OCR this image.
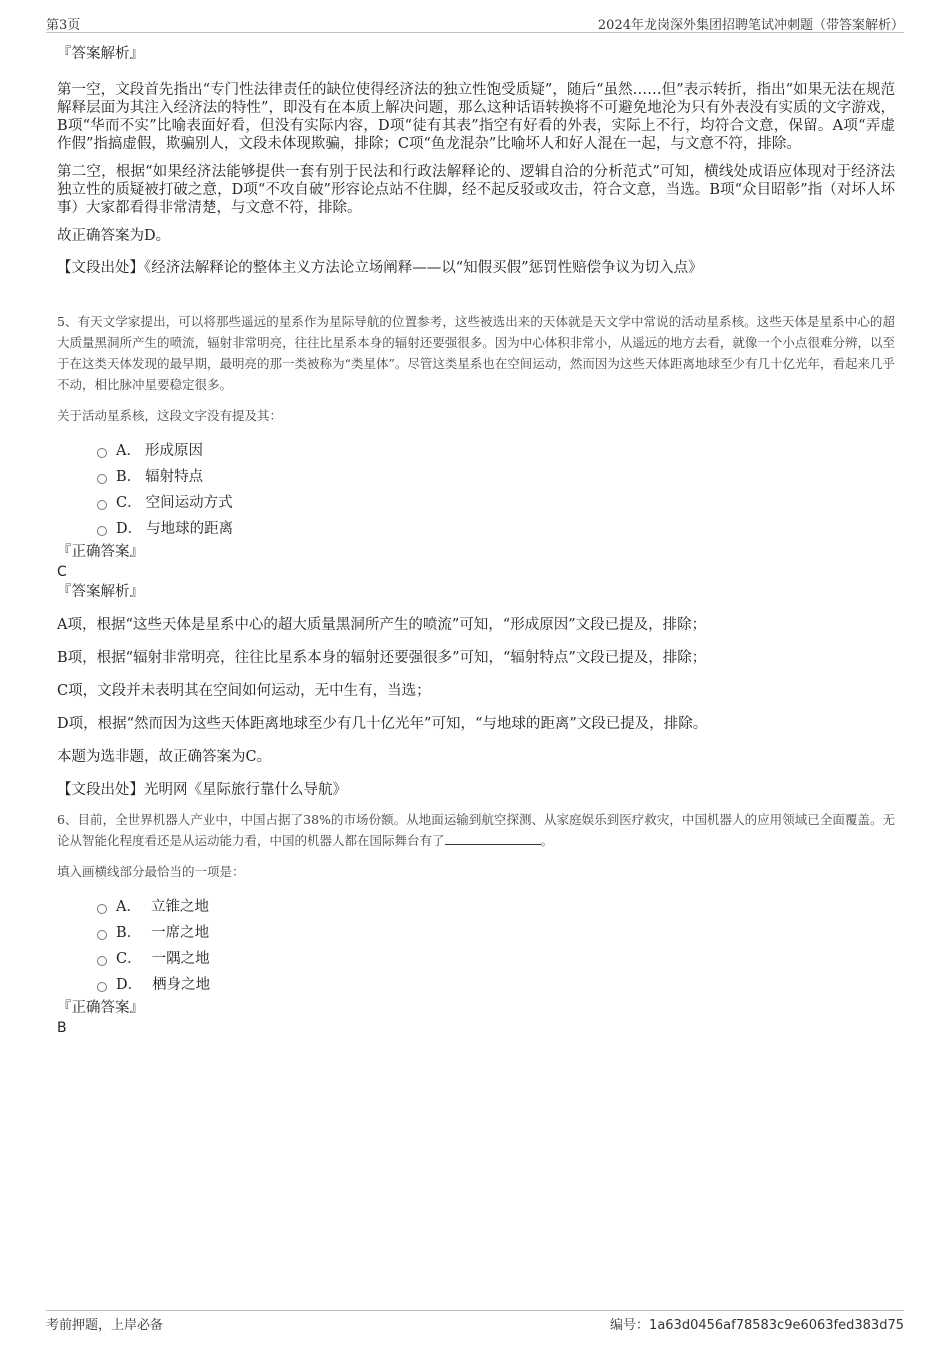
第3页	2024年龙岗深外集团招聘笔试冲刺题（带答案解析）

『答案解析』

第一空，文段首先指出“专门性法律责任的缺位使得经济法的独立性饱受质疑”，随后“虽然……但”表示转折，指出“如果无法在规范解释层面为其注入经济法的特性”，即没有在本质上解决问题，那么这种话语转换将不可避免地沦为只有外表没有实质的文字游戏，B项“华而不实”比喻表面好看，但没有实际内容，D项“徒有其表”指空有好看的外表，实际上不行，均符合文意，保留。A项“弄虚作假”指搞虚假，欺骗别人，文段未体现欺骗，排除；C项“鱼龙混杂”比喻坏人和好人混在一起，与文意不符，排除。

第二空，根据“如果经济法能够提供一套有别于民法和行政法解释论的、逻辑自洽的分析范式”可知，横线处成语应体现对于经济法独立性的质疑被打破之意，D项“不攻自破”形容论点站不住脚，经不起反驳或攻击，符合文意，当选。B项“众目昭彰”指（对坏人坏事）大家都看得非常清楚，与文意不符，排除。

故正确答案为D。

【文段出处】《经济法解释论的整体主义方法论立场阐释——以“知假买假”惩罚性赔偿争议为切入点》

5、有天文学家提出，可以将那些遥远的星系作为星际导航的位置参考，这些被选出来的天体就是天文学中常说的活动星系核。这些天体是星系中心的超大质量黑洞所产生的喷流，辐射非常明亮，往往比星系本身的辐射还要强很多。因为中心体积非常小，从遥远的地方去看，就像一个小点很难分辨，以至于在这类天体发现的最早期，最明亮的那一类被称为“类星体”。尽管这类星系也在空间运动，然而因为这些天体距离地球至少有几十亿光年，看起来几乎不动，相比脉冲星要稳定很多。

关于活动星系核，这段文字没有提及其：

A． 形成原因
B． 辐射特点
C． 空间运动方式
D． 与地球的距离

『正确答案』

C

『答案解析』

A项，根据“这些天体是星系中心的超大质量黑洞所产生的喷流”可知，“形成原因”文段已提及，排除；

B项，根据“辐射非常明亮，往往比星系本身的辐射还要强很多”可知，“辐射特点”文段已提及，排除；

C项，文段并未表明其在空间如何运动，无中生有，当选；

D项，根据“然而因为这些天体距离地球至少有几十亿光年”可知，“与地球的距离”文段已提及，排除。

本题为选非题，故正确答案为C。

【文段出处】光明网《星际旅行靠什么导航》

6、目前，全世界机器人产业中，中国占据了38%的市场份额。从地面运输到航空探测、从家庭娱乐到医疗救灾，中国机器人的应用领域已全面覆盖。无论从智能化程度看还是从运动能力看，中国的机器人都在国际舞台有了	。

填入画横线部分最恰当的一项是：

A． 立锥之地
B． 一席之地
C． 一隅之地
D． 栖身之地

『正确答案』

B

考前押题，上岸必备	编号：1a63d0456af78583c9e6063fed383d75
